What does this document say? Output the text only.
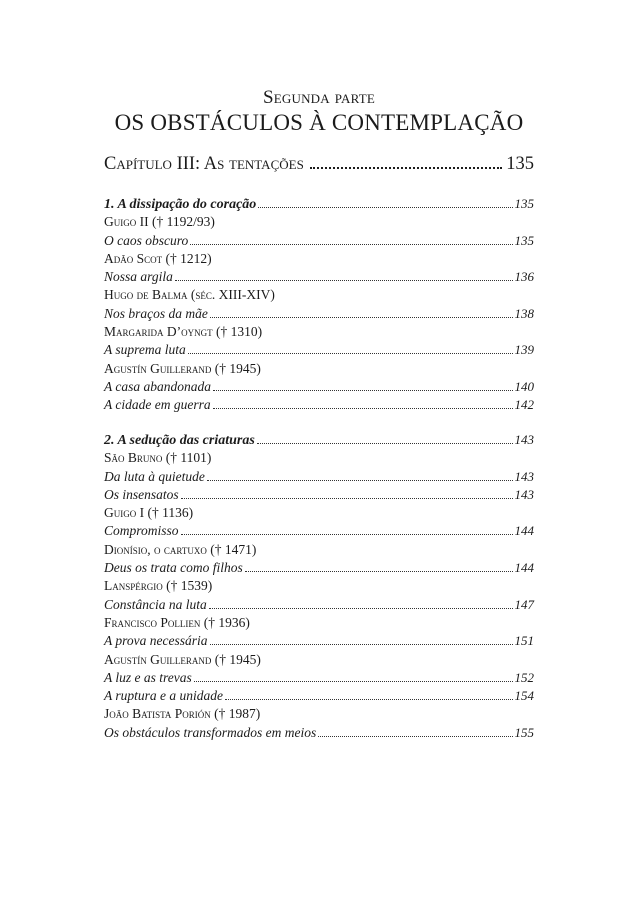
Segunda parte
OS OBSTÁCULOS À CONTEMPLAÇÃO
Capítulo III: As tentações	135
1. A dissipação do coração	135
Guigo II († 1192/93)
O caos obscuro	135
Adão Scot († 1212)
Nossa argila	136
Hugo de Balma (séc. XIII-XIV)
Nos braços da mãe	138
Margarida D’oyngt († 1310)
A suprema luta	139
Agustín Guillerand († 1945)
A casa abandonada	140
A cidade em guerra	142
2. A sedução das criaturas	143
São Bruno († 1101)
Da luta à quietude	143
Os insensatos	143
Guigo I († 1136)
Compromisso	144
Dionísio, o cartuxo († 1471)
Deus os trata como filhos	144
Lanspérgio († 1539)
Constância na luta	147
Francisco Pollien († 1936)
A prova necessária	151
Agustín Guillerand († 1945)
A luz e as trevas	152
A ruptura e a unidade	154
João Batista Porión († 1987)
Os obstáculos transformados em meios	155
